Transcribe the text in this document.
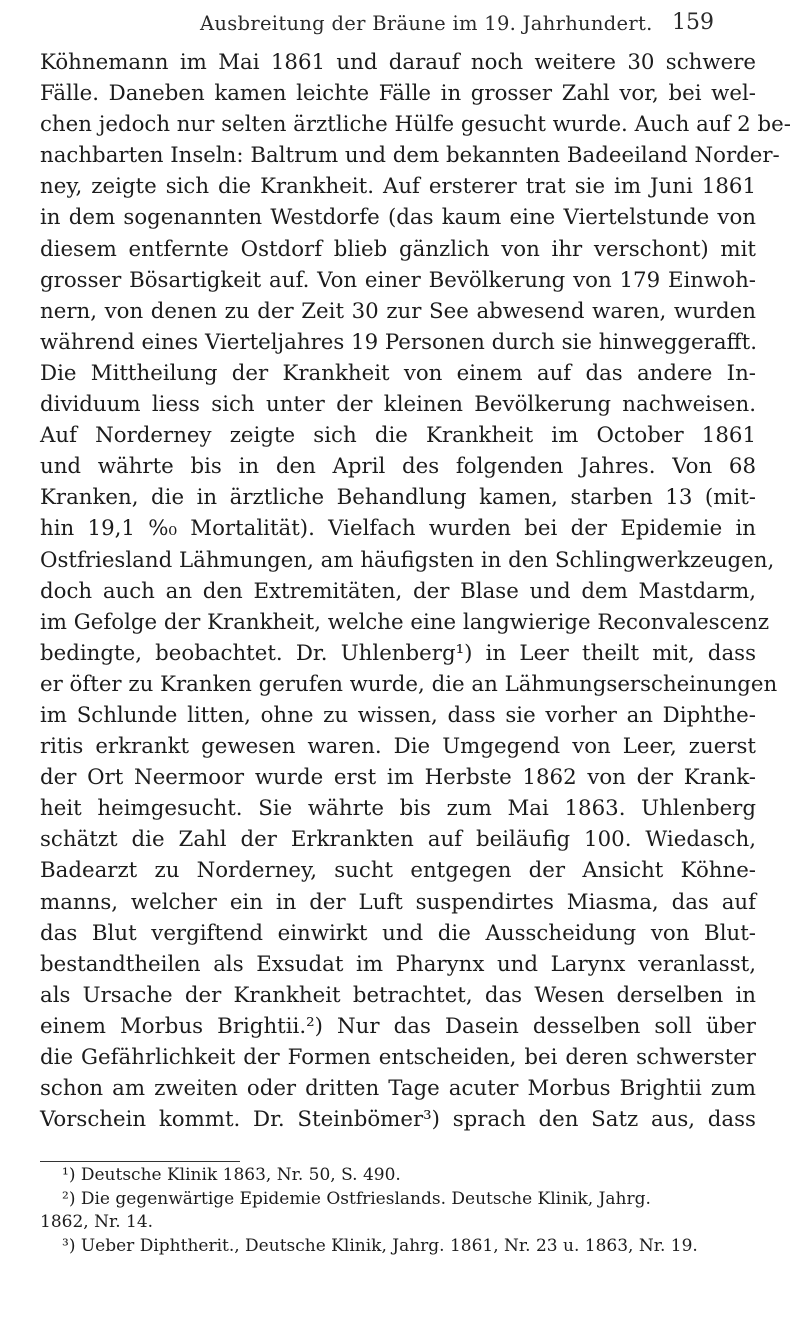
Ausbreitung der Bräune im 19. Jahrhundert. 159
Köhnemann im Mai 1861 und darauf noch weitere 30 schwere
Fälle. Daneben kamen leichte Fälle in grosser Zahl vor, bei wel-
chen jedoch nur selten ärztliche Hülfe gesucht wurde. Auch auf 2 be-
nachbarten Inseln: Baltrum und dem bekannten Badeeiland Norder-
ney, zeigte sich die Krankheit. Auf ersterer trat sie im Juni 1861
in dem sogenannten Westdorfe (das kaum eine Viertelstunde von
diesem entfernte Ostdorf blieb gänzlich von ihr verschont) mit
grosser Bösartigkeit auf. Von einer Bevölkerung von 179 Einwoh-
nern, von denen zu der Zeit 30 zur See abwesend waren, wurden
während eines Vierteljahres 19 Personen durch sie hinweggerafft.
Die Mittheilung der Krankheit von einem auf das andere In-
dividuum liess sich unter der kleinen Bevölkerung nachweisen.
Auf Norderney zeigte sich die Krankheit im October 1861
und währte bis in den April des folgenden Jahres. Von 68
Kranken, die in ärztliche Behandlung kamen, starben 13 (mit-
hin 19,1 %₀ Mortalität). Vielfach wurden bei der Epidemie in
Ostfriesland Lähmungen, am häufigsten in den Schlingwerkzeugen,
doch auch an den Extremitäten, der Blase und dem Mastdarm,
im Gefolge der Krankheit, welche eine langwierige Reconvalescenz
bedingte, beobachtet. Dr. Uhlenberg¹) in Leer theilt mit, dass
er öfter zu Kranken gerufen wurde, die an Lähmungserscheinungen
im Schlunde litten, ohne zu wissen, dass sie vorher an Diphthe-
ritis erkrankt gewesen waren. Die Umgegend von Leer, zuerst
der Ort Neermoor wurde erst im Herbste 1862 von der Krank-
heit heimgesucht. Sie währte bis zum Mai 1863. Uhlenberg
schätzt die Zahl der Erkrankten auf beiläufig 100. Wiedasch,
Badearzt zu Norderney, sucht entgegen der Ansicht Köhne-
manns, welcher ein in der Luft suspendirtes Miasma, das auf
das Blut vergiftend einwirkt und die Ausscheidung von Blut-
bestandtheilen als Exsudat im Pharynx und Larynx veranlasst,
als Ursache der Krankheit betrachtet, das Wesen derselben in
einem Morbus Brightii.²) Nur das Dasein desselben soll über
die Gefährlichkeit der Formen entscheiden, bei deren schwerster
schon am zweiten oder dritten Tage acuter Morbus Brightii zum
Vorschein kommt. Dr. Steinbömer³) sprach den Satz aus, dass
¹) Deutsche Klinik 1863, Nr. 50, S. 490.
²) Die gegenwärtige Epidemie Ostfrieslands. Deutsche Klinik, Jahrg.
1862, Nr. 14.
³) Ueber Diphtherit., Deutsche Klinik, Jahrg. 1861, Nr. 23 u. 1863, Nr. 19.
